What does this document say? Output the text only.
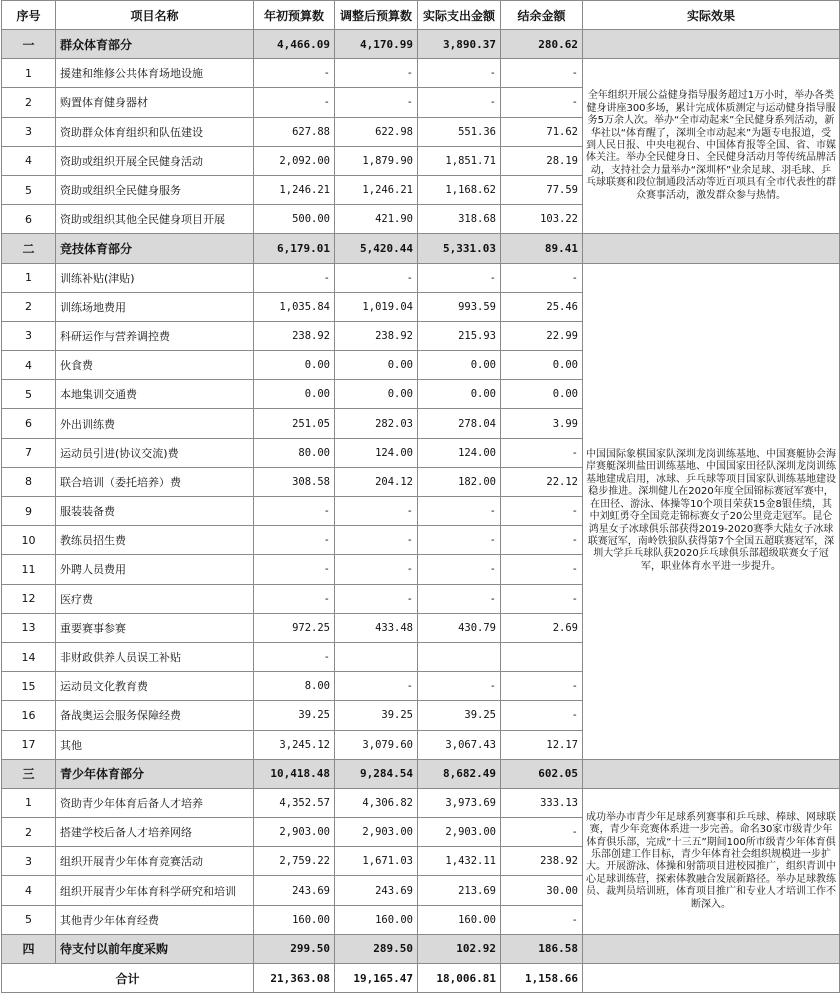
序号	项目名称	年初预算数	调整后预算数	实际支出金额	结余金额	实际效果
一	群众体育部分	4,466.09	4,170.99	3,890.37	280.62	
1	援建和维修公共体育场地设施	-	-	-	-	全年组织开展公益健身指导服务超过1万小时，举办各类健身讲座300多场，累计完成体质测定与运动健身指导服务5万余人次。举办“全市动起来”全民健身系列活动，新华社以“体育醒了，深圳全市动起来”为题专电报道，受到人民日报、中央电视台、中国体育报等全国、省、市媒体关注。举办全民健身日、全民健身活动月等传统品牌活动，支持社会力量举办“深圳杯”业余足球、羽毛球、乒乓球联赛和段位制通段活动等近百项具有全市代表性的群众赛事活动，激发群众参与热情。
2	购置体育健身器材	-	-	-	-	
3	资助群众体育组织和队伍建设	627.88	622.98	551.36	71.62	
4	资助或组织开展全民健身活动	2,092.00	1,879.90	1,851.71	28.19	
5	资助或组织全民健身服务	1,246.21	1,246.21	1,168.62	77.59	
6	资助或组织其他全民健身项目开展	500.00	421.90	318.68	103.22	
二	竞技体育部分	6,179.01	5,420.44	5,331.03	89.41	
1	训练补贴(津贴)	-	-	-	-	中国国际象棋国家队深圳龙岗训练基地、中国赛艇协会海岸赛艇深圳盐田训练基地、中国国家田径队深圳龙岗训练基地建成启用，冰球、乒乓球等项目国家队训练基地建设稳步推进。深圳健儿在2020年度全国锦标赛冠军赛中，在田径、游泳、体操等10个项目荣获15金8银佳绩，其中刘虹勇夺全国竞走锦标赛女子20公里竞走冠军。昆仑鸿星女子冰球俱乐部获得2019-2020赛季大陆女子冰球联赛冠军，南岭铁狼队获得第7个全国五超联赛冠军，深圳大学乒乓球队获2020乒乓球俱乐部超级联赛女子冠军，职业体育水平进一步提升。
2	训练场地费用	1,035.84	1,019.04	993.59	25.46	
3	科研运作与营养调控费	238.92	238.92	215.93	22.99	
4	伙食费	0.00	0.00	0.00	0.00	
5	本地集训交通费	0.00	0.00	0.00	0.00	
6	外出训练费	251.05	282.03	278.04	3.99	
7	运动员引进(协议交流)费	80.00	124.00	124.00	-	
8	联合培训（委托培养）费	308.58	204.12	182.00	22.12	
9	服装装备费	-	-	-	-	
10	教练员招生费	-	-	-	-	
11	外聘人员费用	-	-	-	-	
12	医疗费	-	-	-	-	
13	重要赛事参赛	972.25	433.48	430.79	2.69	
14	非财政供养人员误工补贴	-				
15	运动员文化教育费	8.00	-	-	-	
16	备战奥运会服务保障经费	39.25	39.25	39.25	-	
17	其他	3,245.12	3,079.60	3,067.43	12.17	
三	青少年体育部分	10,418.48	9,284.54	8,682.49	602.05	
1	资助青少年体育后备人才培养	4,352.57	4,306.82	3,973.69	333.13	成功举办市青少年足球系列赛事和乒乓球、棒球、网球联赛，青少年竞赛体系进一步完善。命名30家市级青少年体育俱乐部，完成“十三五”期间100所市级青少年体育俱乐部创建工作目标，青少年体育社会组织规模进一步扩大。开展游泳、体操和射箭项目进校园推广，组织青训中心足球训练营，探索体教融合发展新路径。举办足球教练员、裁判员培训班，体育项目推广和专业人才培训工作不断深入。
2	搭建学校后备人才培养网络	2,903.00	2,903.00	2,903.00	-	
3	组织开展青少年体育竞赛活动	2,759.22	1,671.03	1,432.11	238.92	
4	组织开展青少年体育科学研究和培训	243.69	243.69	213.69	30.00	
5	其他青少年体育经费	160.00	160.00	160.00	-	
四	待支付以前年度采购	299.50	289.50	102.92	186.58	
合计		21,363.08	19,165.47	18,006.81	1,158.66	
